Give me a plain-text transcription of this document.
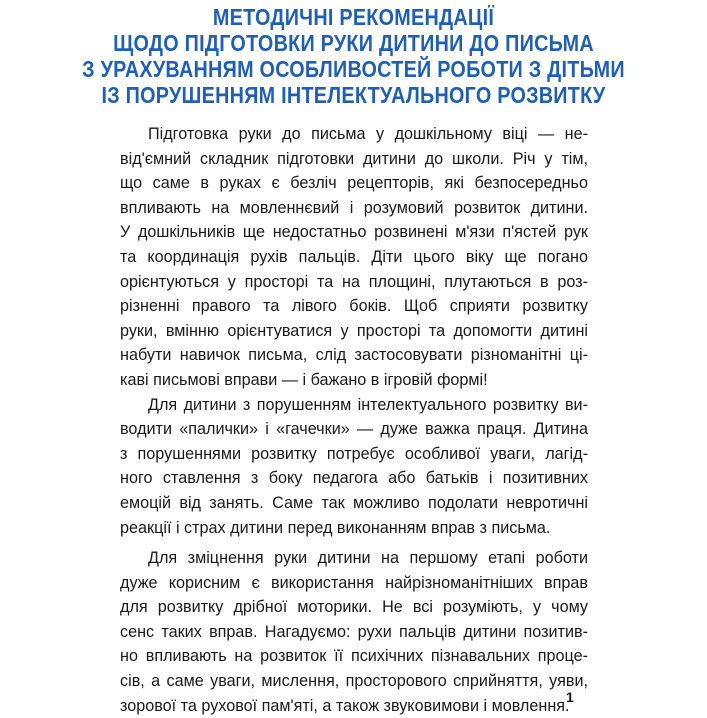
МЕТОДИЧНІ РЕКОМЕНДАЦІЇ
ЩОДО ПІДГОТОВКИ РУКИ ДИТИНИ ДО ПИСЬМА
З УРАХУВАННЯМ ОСОБЛИВОСТЕЙ РОБОТИ З ДІТЬМИ
ІЗ ПОРУШЕННЯМ ІНТЕЛЕКТУАЛЬНОГО РОЗВИТКУ
Підготовка руки до письма у дошкільному віці — не-
від'ємний складник підготовки дитини до школи. Річ у тім,
що саме в руках є безліч рецепторів, які безпосередньо
впливають на мовленнєвий і розумовий розвиток дитини.
У дошкільників ще недостатньо розвинені м'язи п'ястей рук
та координація рухів пальців. Діти цього віку ще погано
орієнтуються у просторі та на площині, плутаються в роз-
різненні правого та лівого боків. Щоб сприяти розвитку
руки, вмінню орієнтуватися у просторі та допомогти дитині
набути навичок письма, слід застосовувати різноманітні ці-
каві письмові вправи — і бажано в ігровій формі!
Для дитини з порушенням інтелектуального розвитку ви-
водити «палички» і «гачечки» — дуже важка праця. Дитина
з порушеннями розвитку потребує особливої уваги, лагід-
ного ставлення з боку педагога або батьків і позитивних
емоцій від занять. Саме так можливо подолати невротичні
реакції і страх дитини перед виконанням вправ з письма.
Для зміцнення руки дитини на першому етапі роботи
дуже корисним є використання найрізноманітніших вправ
для розвитку дрібної моторики. Не всі розуміють, у чому
сенс таких вправ. Нагадуємо: рухи пальців дитини позитив-
но впливають на розвиток її психічних пізнавальних проце-
сів, а саме уваги, мислення, просторового сприйняття, уяви,
зорової та рухової пам'яті, а також звуковимови і мовлення.
1
